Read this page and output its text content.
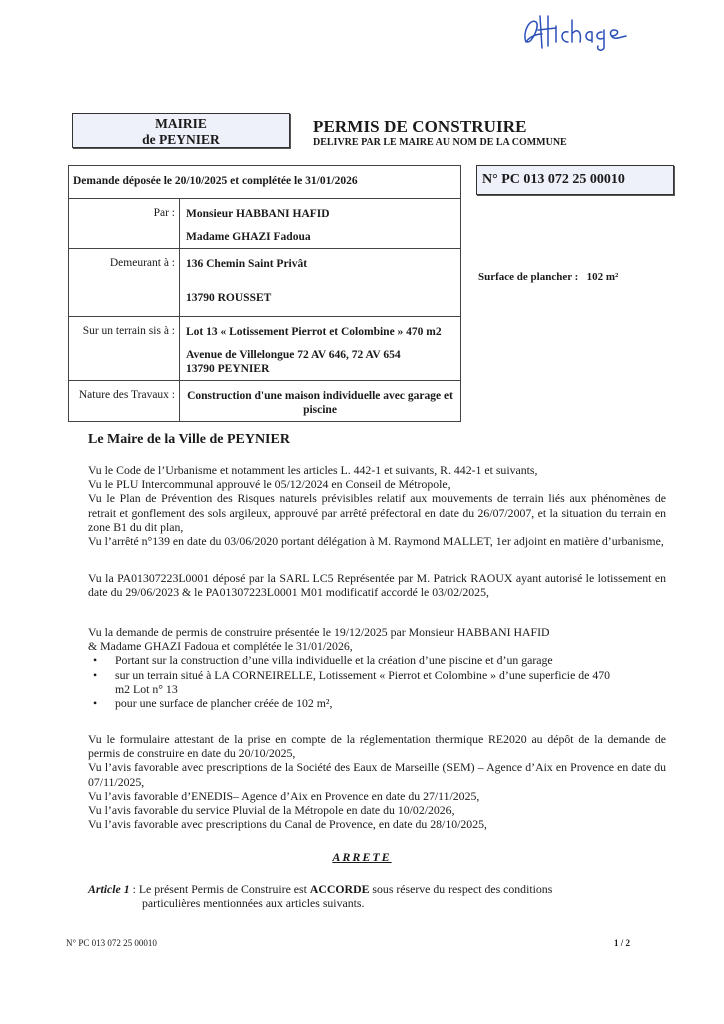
MAIRIE
de PEYNIER
PERMIS DE CONSTRUIRE
DELIVRE PAR LE MAIRE AU NOM DE LA COMMUNE
Demande déposée le 20/10/2025 et complétée le 31/01/2026	
Par :	Monsieur HABBANI HAFID

Madame GHAZI Fadoua

Demeurant à :	136 Chemin Saint Privât

13790 ROUSSET

Sur un terrain sis à :	Lot 13 « Lotissement Pierrot et Colombine » 470 m2

Avenue de Villelongue 72 AV 646, 72 AV 654

13790 PEYNIER

Nature des Travaux :	Construction d'une maison individuelle avec garage et piscine

N° PC 013 072 25 00010
Surface de plancher : 102 m²
Le Maire de la Ville de PEYNIER

Vu le Code de l’Urbanisme et notamment les articles L. 442-1 et suivants, R. 442-1 et suivants,

Vu le PLU Intercommunal approuvé le 05/12/2024 en Conseil de Métropole,

Vu le Plan de Prévention des Risques naturels prévisibles relatif aux mouvements de terrain liés aux phénomènes de retrait et gonflement des sols argileux, approuvé par arrêté préfectoral en date du 26/07/2007, et la situation du terrain en zone B1 du dit plan,

Vu l’arrêté n°139 en date du 03/06/2020 portant délégation à M. Raymond MALLET, 1er adjoint en matière d’urbanisme,

Vu la PA01307223L0001 déposé par la SARL LC5 Représentée par M. Patrick RAOUX ayant autorisé le lotissement en date du 29/06/2023 & le PA01307223L0001 M01 modificatif accordé le 03/02/2025,

Vu la demande de permis de construire présentée le 19/12/2025 par Monsieur HABBANI HAFID

& Madame GHAZI Fadoua et complétée le 31/01/2026,

• Portant sur la construction d’une villa individuelle et la création d’une piscine et d’un garage
• sur un terrain situé à LA CORNEIRELLE, Lotissement « Pierrot et Colombine » d’une superficie de 470 m2 Lot n° 13
• pour une surface de plancher créée de 102 m²,

Vu le formulaire attestant de la prise en compte de la réglementation thermique RE2020 au dépôt de la demande de permis de construire en date du 20/10/2025,

Vu l’avis favorable avec prescriptions de la Société des Eaux de Marseille (SEM) – Agence d’Aix en Provence en date du 07/11/2025,

Vu l’avis favorable d’ENEDIS– Agence d’Aix en Provence en date du 27/11/2025,

Vu l’avis favorable du service Pluvial de la Métropole en date du 10/02/2026,

Vu l’avis favorable avec prescriptions du Canal de Provence, en date du 28/10/2025,

ARRETE
Article 1 : Le présent Permis de Construire est ACCORDE sous réserve du respect des conditions
particulières mentionnées aux articles suivants.
N° PC 013 072 25 00010	1 / 2
